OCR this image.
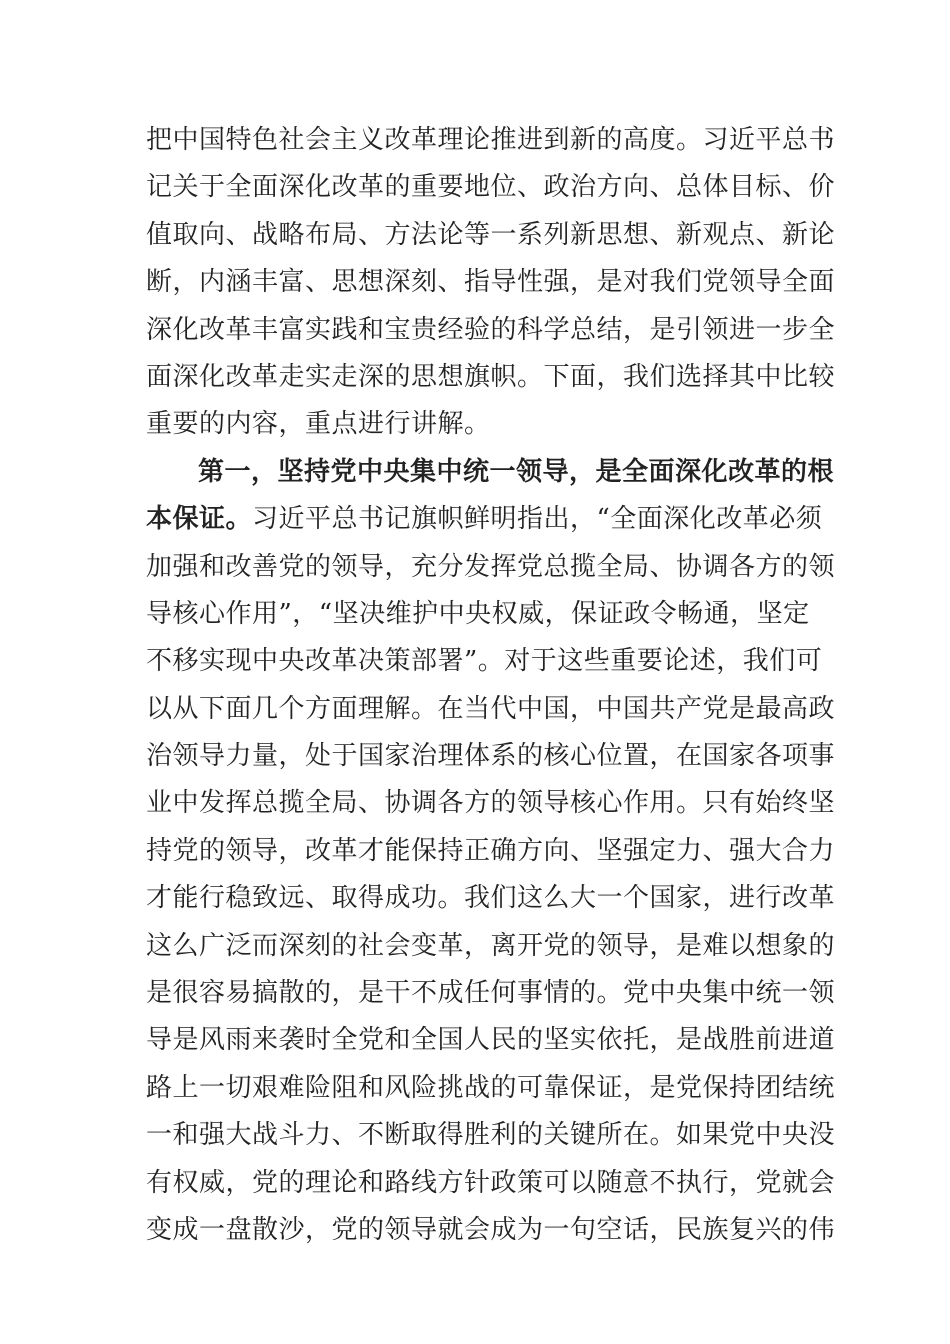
把中国特色社会主义改革理论推进到新的高度。习近平总书
记关于全面深化改革的重要地位、政治方向、总体目标、价
值取向、战略布局、方法论等一系列新思想、新观点、新论
断，内涵丰富、思想深刻、指导性强，是对我们党领导全面
深化改革丰富实践和宝贵经验的科学总结，是引领进一步全
面深化改革走实走深的思想旗帜。下面，我们选择其中比较
重要的内容，重点进行讲解。
第一，坚持党中央集中统一领导，是全面深化改革的根
本保证。习近平总书记旗帜鲜明指出，“全面深化改革必须
加强和改善党的领导，充分发挥党总揽全局、协调各方的领
导核心作用”，“坚决维护中央权威，保证政令畅通，坚定
不移实现中央改革决策部署”。对于这些重要论述，我们可
以从下面几个方面理解。在当代中国，中国共产党是最高政
治领导力量，处于国家治理体系的核心位置，在国家各项事
业中发挥总揽全局、协调各方的领导核心作用。只有始终坚
持党的领导，改革才能保持正确方向、坚强定力、强大合力
才能行稳致远、取得成功。我们这么大一个国家，进行改革
这么广泛而深刻的社会变革，离开党的领导，是难以想象的
是很容易搞散的，是干不成任何事情的。党中央集中统一领
导是风雨来袭时全党和全国人民的坚实依托，是战胜前进道
路上一切艰难险阻和风险挑战的可靠保证，是党保持团结统
一和强大战斗力、不断取得胜利的关键所在。如果党中央没
有权威，党的理论和路线方针政策可以随意不执行，党就会
变成一盘散沙，党的领导就会成为一句空话，民族复兴的伟
